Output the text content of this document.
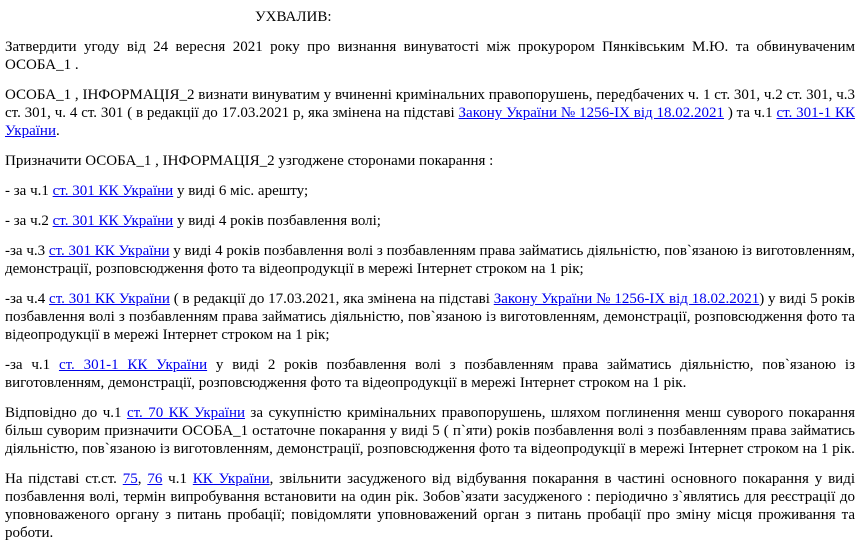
УХВАЛИВ:

Затвердити угоду від 24 вересня 2021 року про визнання винуватості між прокурором Пянківським М.Ю. та обвинуваченим ОСОБА_1 .

ОСОБА_1 , ІНФОРМАЦІЯ_2 визнати винуватим у вчиненні кримінальних правопорушень, передбачених ч. 1 ст. 301, ч.2 ст. 301, ч.3 ст. 301, ч. 4 ст. 301 ( в редакції до 17.03.2021 р, яка змінена на підставі Закону України № 1256-ІХ від 18.02.2021 ) та ч.1 ст. 301-1 КК України.

Призначити ОСОБА_1 , ІНФОРМАЦІЯ_2 узгоджене сторонами покарання :

- за ч.1 ст. 301 КК України у виді 6 міс. арешту;

- за ч.2 ст. 301 КК України у виді 4 років позбавлення волі;

-за ч.3 ст. 301 КК України у виді 4 років позбавлення волі з позбавленням права займатись діяльністю, пов`язаною із виготовленням, демонстрації, розповсюдження фото та відеопродукції в мережі Інтернет строком на 1 рік;

-за ч.4 ст. 301 КК України ( в редакції до 17.03.2021, яка змінена на підставі Закону України № 1256-ІХ від 18.02.2021) у виді 5 років позбавлення волі з позбавленням права займатись діяльністю, пов`язаною із виготовленням, демонстрації, розповсюдження фото та відеопродукції в мережі Інтернет строком на 1 рік;

-за ч.1 ст. 301-1 КК України у виді 2 років позбавлення волі з позбавленням права займатись діяльністю, пов`язаною із виготовленням, демонстрації, розповсюдження фото та відеопродукції в мережі Інтернет строком на 1 рік.

Відповідно до ч.1 ст. 70 КК України за сукупністю кримінальних правопорушень, шляхом поглинення менш суворого покарання більш суворим призначити ОСОБА_1 остаточне покарання у виді 5 ( п`яти) років позбавлення волі з позбавленням права займатись діяльністю, пов`язаною із виготовленням, демонстрації, розповсюдження фото та відеопродукції в мережі Інтернет строком на 1 рік.

На підставі ст.ст. 75, 76 ч.1 КК України, звільнити засудженого від відбування покарання в частині основного покарання у виді позбавлення волі, термін випробування встановити на один рік. Зобов`язати засудженого : періодично з`являтись для реєстрації до уповноваженого органу з питань пробації; повідомляти уповноважений орган з питань пробації про зміну місця проживання та роботи.
